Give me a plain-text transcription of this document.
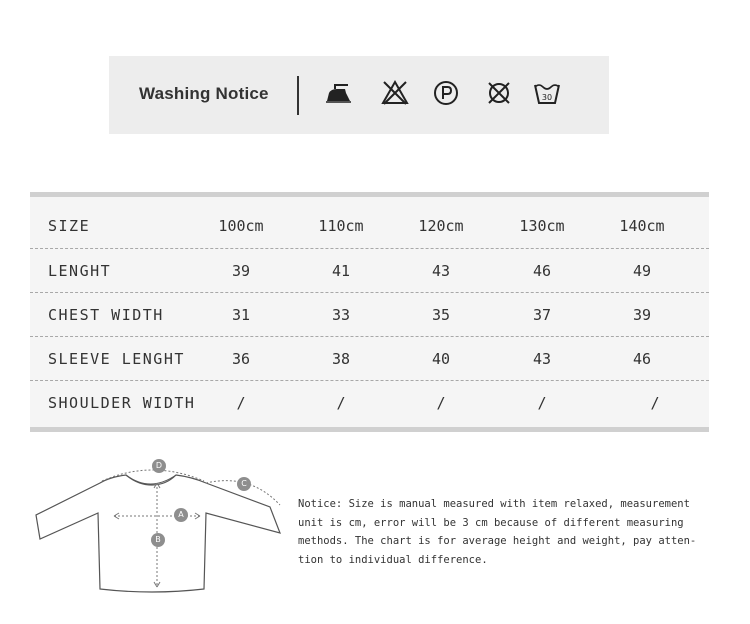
Washing Notice	30
SIZE	100cm	110cm	120cm	130cm	140cm
LENGHT	39	41	43	46	49
CHEST WIDTH	31	33	35	37	39
SLEEVE LENGHT	36	38	40	43	46
SHOULDER WIDTH	/	/	/	/	/
D
C
A
B
Notice: Size is manual measured with item relaxed, measurement
unit is cm, error will be 3 cm because of different measuring
methods. The chart is for average height and weight, pay atten-
tion to individual difference.
